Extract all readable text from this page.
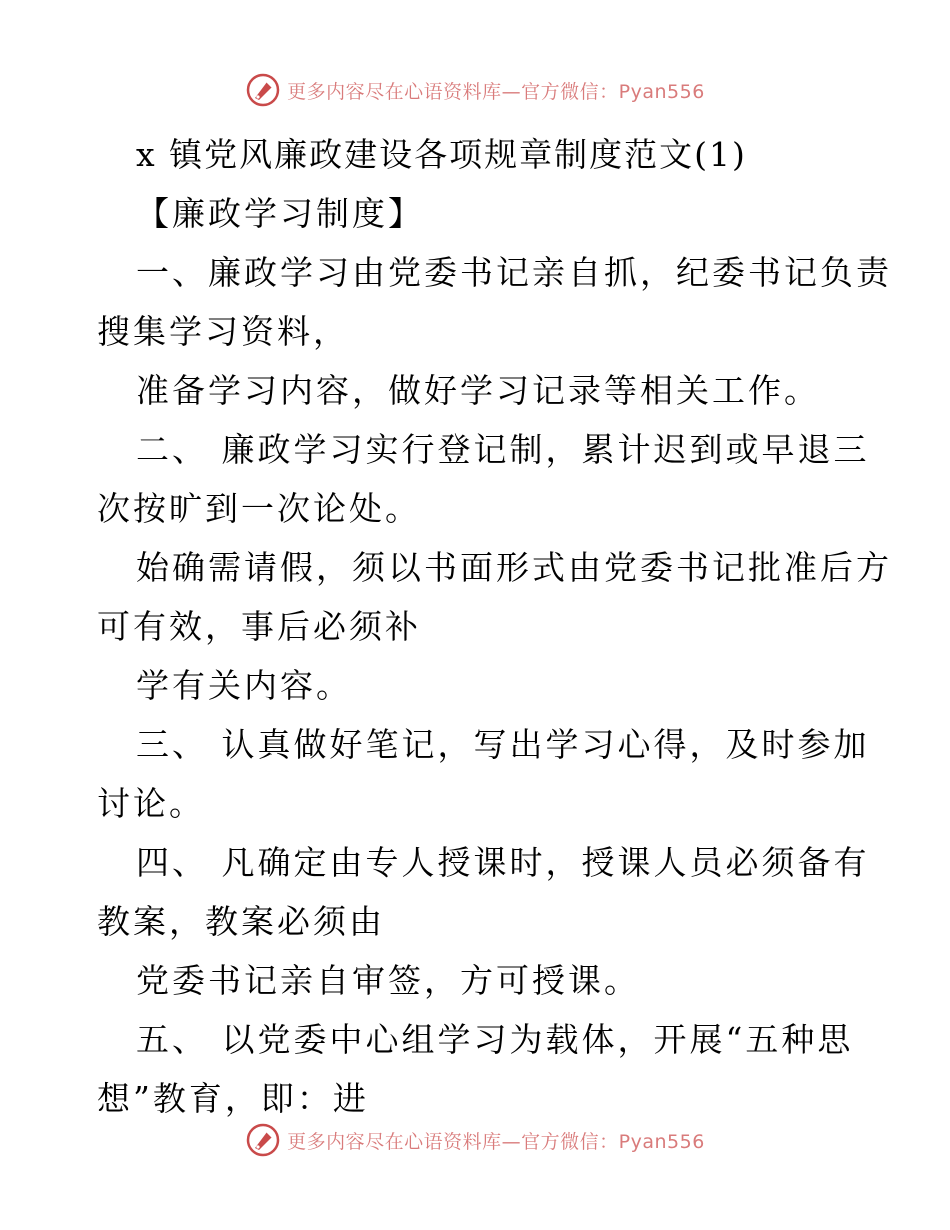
更多内容尽在心语资料库—官方微信：Pyan556
x 镇党风廉政建设各项规章制度范文(1)
【廉政学习制度】
一、廉政学习由党委书记亲自抓，纪委书记负责
搜集学习资料，
准备学习内容，做好学习记录等相关工作。
二、 廉政学习实行登记制，累计迟到或早退三
次按旷到一次论处。
始确需请假，须以书面形式由党委书记批准后方
可有效，事后必须补
学有关内容。
三、 认真做好笔记，写出学习心得，及时参加
讨论。
四、 凡确定由专人授课时，授课人员必须备有
教案，教案必须由
党委书记亲自审签，方可授课。
五、 以党委中心组学习为载体，开展“五种思
想”教育，即：进
更多内容尽在心语资料库—官方微信：Pyan556
